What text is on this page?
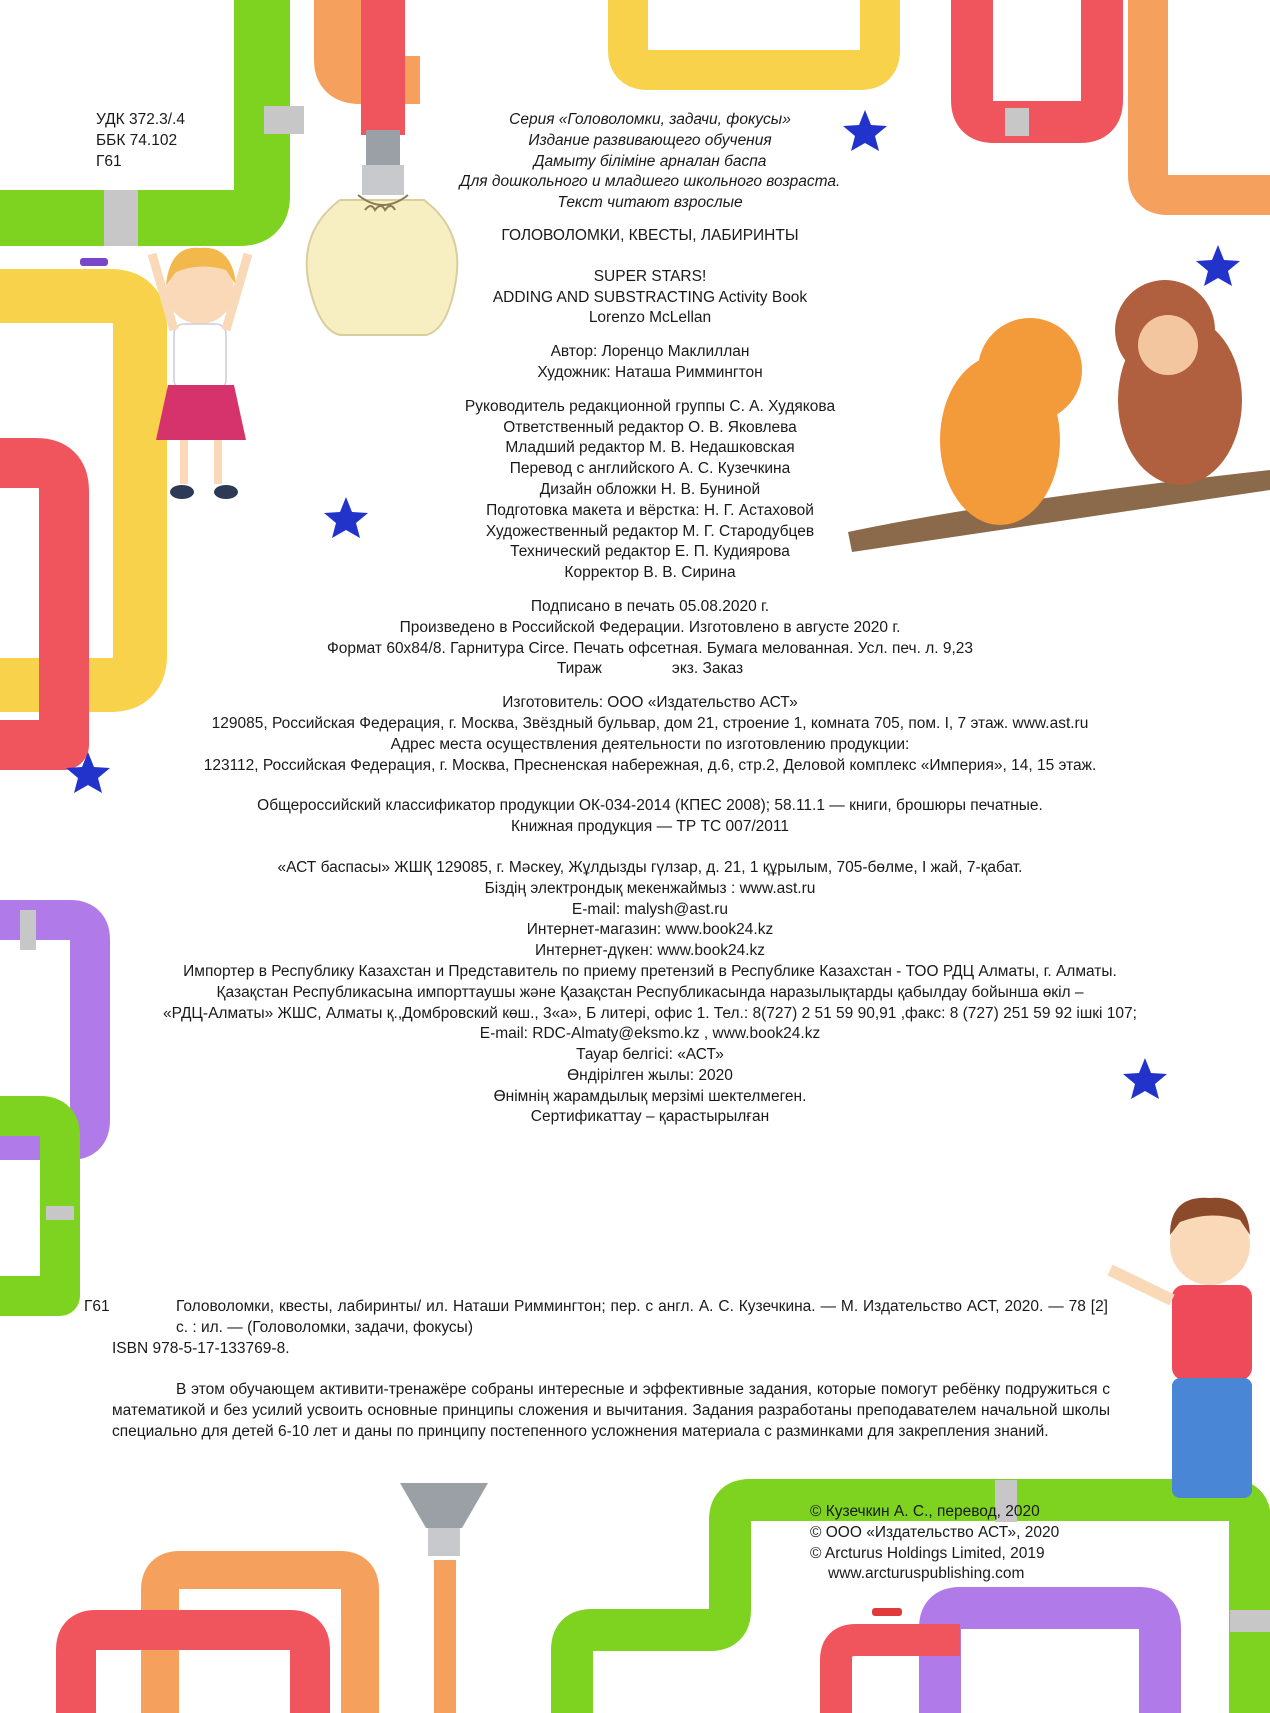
УДК 372.3/.4
ББК 74.102
Г61
Серия «Головоломки, задачи, фокусы»
Издание развивающего обучения
Дамыту біліміне арналан баспа
Для дошкольного и младшего школьного возраста.
Текст читают взрослые
ГОЛОВОЛОМКИ, КВЕСТЫ, ЛАБИРИНТЫ
SUPER STARS!
ADDING AND SUBSTRACTING Activity Book
Lorenzo McLellan
Автор: Лоренцо Маклиллан
Художник: Наташа Риммингтон
Руководитель редакционной группы С. А. Худякова
Ответственный редактор О. В. Яковлева
Младший редактор М. В. Недашковская
Перевод с английского А. С. Кузечкина
Дизайн обложки Н. В. Буниной
Подготовка макета и вёрстка: Н. Г. Астаховой
Художественный редактор М. Г. Стародубцев
Технический редактор Е. П. Кудиярова
Корректор В. В. Сирина
Подписано в печать 05.08.2020 г.
Произведено в Российской Федерации. Изготовлено в августе 2020 г.
Формат 60x84/8. Гарнитура Circe. Печать офсетная. Бумага мелованная. Усл. печ. л. 9,23
Тираж	экз. Заказ
Изготовитель: ООО «Издательство АСТ»
129085, Российская Федерация, г. Москва, Звёздный бульвар, дом 21, строение 1, комната 705, пом. I, 7 этаж. www.ast.ru
Адрес места осуществления деятельности по изготовлению продукции:
123112, Российская Федерация, г. Москва, Пресненская набережная, д.6, стр.2, Деловой комплекс «Империя», 14, 15 этаж.
Общероссийский классификатор продукции ОК-034-2014 (КПЕС 2008); 58.11.1 — книги, брошюры печатные.
Книжная продукция — ТР ТС 007/2011
«АСТ баспасы» ЖШҚ 129085, г. Мәскеу, Жұлдызды гүлзар, д. 21, 1 құрылым, 705-бөлме, I жай, 7-қабат.
Біздің электрондық мекенжаймыз : www.ast.ru
E-mail: malysh@ast.ru
Интернет-магазин: www.book24.kz
Интернет-дүкен: www.book24.kz
Импортер в Республику Казахстан и Представитель по приему претензий в Республике Казахстан - ТОО РДЦ Алматы, г. Алматы.
Қазақстан Республикасына импорттаушы және Қазақстан Республикасында наразылықтарды қабылдау бойынша өкіл –
«РДЦ-Алматы» ЖШС, Алматы қ.,Домбровский көш., 3«а», Б литері, офис 1. Тел.: 8(727) 2 51 59 90,91 ,факс: 8 (727) 251 59 92 ішкі 107;
E-mail: RDC-Almaty@eksmo.kz , www.book24.kz
Тауар белгісі: «АСТ»
Өндірілген жылы: 2020
Өнімнің жарамдылық мерзімі шектелмеген.
Сертификаттау – қарастырылған
Г61	Головоломки, квесты, лабиринты/ ил. Наташи Риммингтон; пер. с англ. А. С. Кузечкина. — М. Издательство АСТ, 2020. — 78 [2] с. : ил. — (Головоломки, задачи, фокусы)
ISBN 978-5-17-133769-8.
В этом обучающем активити-тренажёре собраны интересные и эффективные задания, которые помогут ребёнку подружиться с математикой и без усилий усвоить основные принципы сложения и вычитания. Задания разработаны преподавателем начальной школы специально для детей 6-10 лет и даны по принципу постепенного усложнения материала с разминками для закрепления знаний.
© Кузечкин А. С., перевод, 2020
© ООО «Издательство АСТ», 2020
© Arcturus Holdings Limited, 2019
www.arcturuspublishing.com
